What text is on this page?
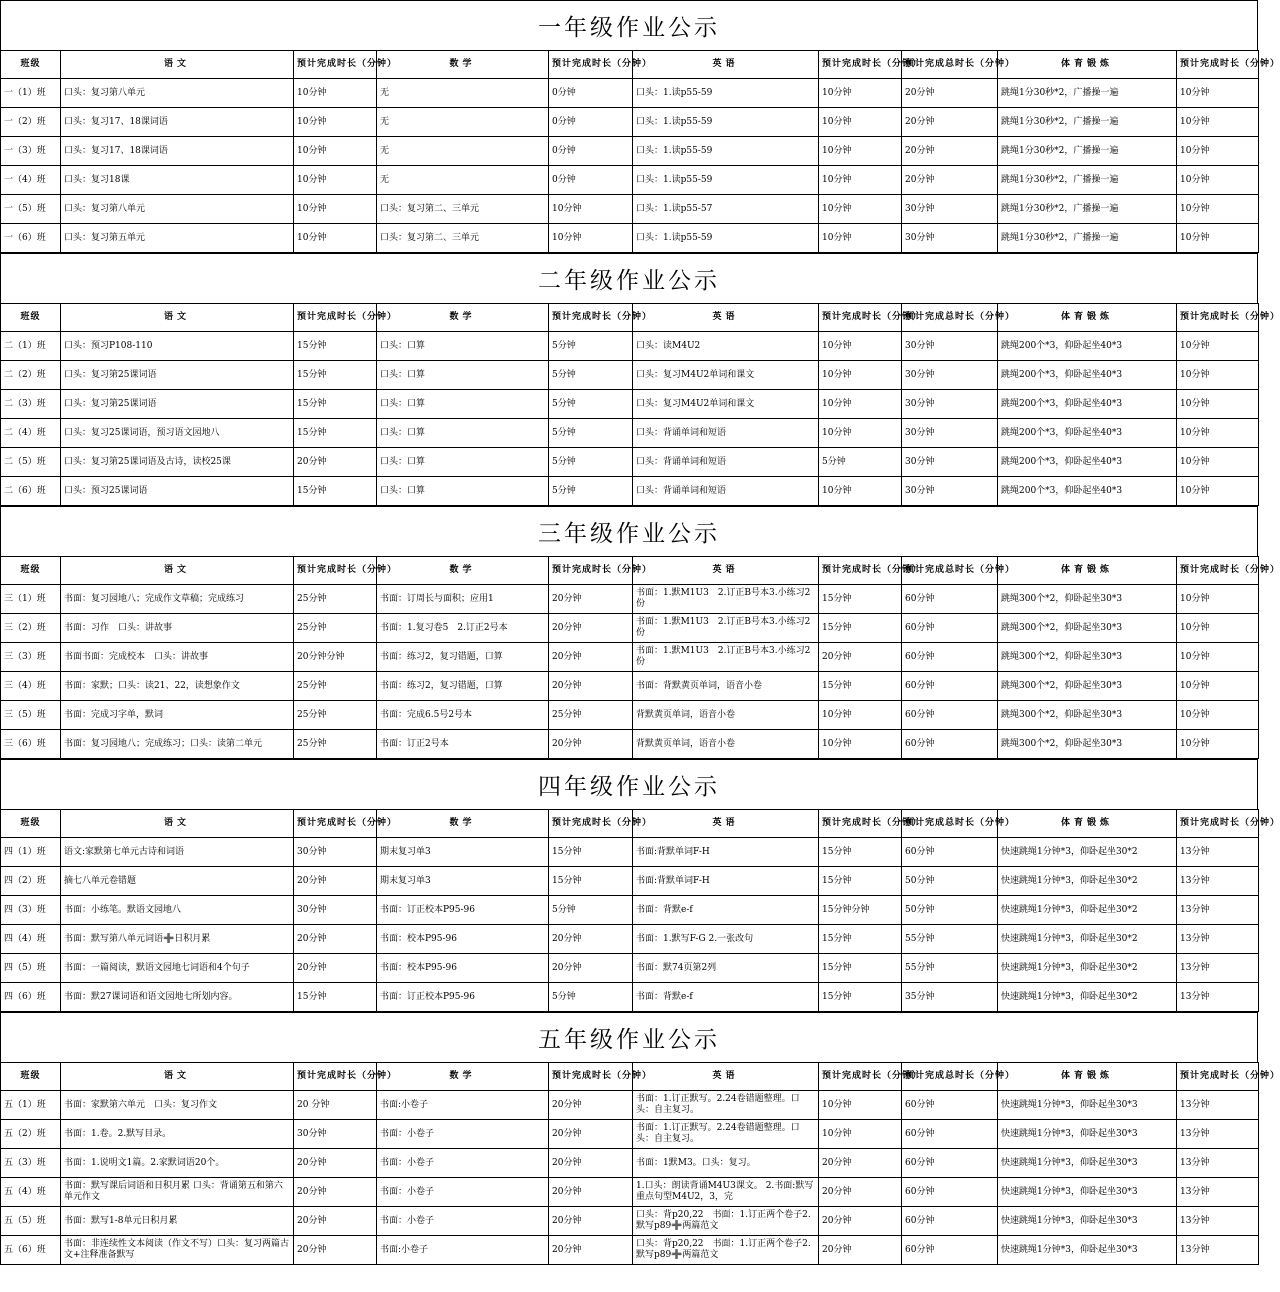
一年级作业公示
班级	语文	预计完成时长（分钟）	数学	预计完成时长（分钟）	英语	预计完成时长（分钟）	预计完成总时长（分钟）	体育锻炼	预计完成时长（分钟）
一（1）班	口头：复习第八单元	10分钟	无	0分钟	口头：1.读p55-59	10分钟	20分钟	跳绳1分30秒*2，广播操一遍	10分钟
一（2）班	口头：复习17、18课词语	10分钟	无	0分钟	口头：1.读p55-59	10分钟	20分钟	跳绳1分30秒*2，广播操一遍	10分钟
一（3）班	口头：复习17、18课词语	10分钟	无	0分钟	口头：1.读p55-59	10分钟	20分钟	跳绳1分30秒*2，广播操一遍	10分钟
一（4）班	口头：复习18课	10分钟	无	0分钟	口头：1.读p55-59	10分钟	20分钟	跳绳1分30秒*2，广播操一遍	10分钟
一（5）班	口头：复习第八单元	10分钟	口头：复习第二、三单元	10分钟	口头：1.读p55-57	10分钟	30分钟	跳绳1分30秒*2，广播操一遍	10分钟
一（6）班	口头：复习第五单元	10分钟	口头：复习第二、三单元	10分钟	口头：1.读p55-59	10分钟	30分钟	跳绳1分30秒*2，广播操一遍	10分钟
二年级作业公示
班级	语文	预计完成时长（分钟）	数学	预计完成时长（分钟）	英语	预计完成时长（分钟）	预计完成总时长（分钟）	体育锻炼	预计完成时长（分钟）
二（1）班	口头：预习P108-110	15分钟	口头：口算	5分钟	口头：读M4U2	10分钟	30分钟	跳绳200个*3，仰卧起坐40*3	10分钟
二（2）班	口头：复习第25课词语	15分钟	口头：口算	5分钟	口头：复习M4U2单词和课文	10分钟	30分钟	跳绳200个*3，仰卧起坐40*3	10分钟
二（3）班	口头：复习第25课词语	15分钟	口头：口算	5分钟	口头：复习M4U2单词和课文	10分钟	30分钟	跳绳200个*3，仰卧起坐40*3	10分钟
二（4）班	口头：复习25课词语，预习语文园地八	15分钟	口头：口算	5分钟	口头：背诵单词和短语	10分钟	30分钟	跳绳200个*3，仰卧起坐40*3	10分钟
二（5）班	口头：复习第25课词语及古诗，读校25课	20分钟	口头：口算	5分钟	口头：背诵单词和短语	5分钟	30分钟	跳绳200个*3，仰卧起坐40*3	10分钟
二（6）班	口头：预习25课词语	15分钟	口头：口算	5分钟	口头：背诵单词和短语	10分钟	30分钟	跳绳200个*3，仰卧起坐40*3	10分钟
三年级作业公示
班级	语文	预计完成时长（分钟）	数学	预计完成时长（分钟）	英语	预计完成时长（分钟）	预计完成总时长（分钟）	体育锻炼	预计完成时长（分钟）
三（1）班	书面：复习园地八；完成作文草稿；完成练习	25分钟	书面：订周长与面积；应用1	20分钟	书面：1.默M1U3　2.订正B号本3.小练习2份	15分钟	60分钟	跳绳300个*2，仰卧起坐30*3	10分钟
三（2）班	书面：习作　口头：讲故事	25分钟	书面：1.复习卷5　2.订正2号本	20分钟	书面：1.默M1U3　2.订正B号本3.小练习2份	15分钟	60分钟	跳绳300个*2，仰卧起坐30*3	10分钟
三（3）班	书面书面：完成校本　口头：讲故事	20分钟分钟	书面：练习2，复习错题，口算	20分钟	书面：1.默M1U3　2.订正B号本3.小练习2份	20分钟	60分钟	跳绳300个*2，仰卧起坐30*3	10分钟
三（4）班	书面：家默；口头：读21、22，读想象作文	25分钟	书面：练习2，复习错题，口算	20分钟	书面：背默黄页单词，语音小卷	15分钟	60分钟	跳绳300个*2，仰卧起坐30*3	10分钟
三（5）班	书面：完成习字单，默词	25分钟	书面：完成6.5号2号本	25分钟	背默黄页单词，语音小卷	10分钟	60分钟	跳绳300个*2，仰卧起坐30*3	10分钟
三（6）班	书面：复习园地八；完成练习；口头：读第二单元	25分钟	书面：订正2号本	20分钟	背默黄页单词，语音小卷	10分钟	60分钟	跳绳300个*2，仰卧起坐30*3	10分钟
四年级作业公示
班级	语文	预计完成时长（分钟）	数学	预计完成时长（分钟）	英语	预计完成时长（分钟）	预计完成总时长（分钟）	体育锻炼	预计完成时长（分钟）
四（1）班	语文:家默第七单元古诗和词语	30分钟	期末复习单3	15分钟	书面:背默单词F-H	15分钟	60分钟	快速跳绳1分钟*3，仰卧起坐30*2	13分钟
四（2）班	摘七八单元卷错题	20分钟	期末复习单3	15分钟	书面:背默单词F-H	15分钟	50分钟	快速跳绳1分钟*3，仰卧起坐30*2	13分钟
四（3）班	书面：小练笔。默语文园地八	30分钟	书面：订正校本P95-96	5分钟	书面：背默e-f	15分钟分钟	50分钟	快速跳绳1分钟*3，仰卧起坐30*2	13分钟
四（4）班	书面：默写第八单元词语➕日积月累	20分钟	书面：校本P95-96	20分钟	书面：1.默写F-G 2.一张改句	15分钟	55分钟	快速跳绳1分钟*3，仰卧起坐30*2	13分钟
四（5）班	书面：一篇阅读，默语文园地七词语和4个句子	20分钟	书面：校本P95-96	20分钟	书面：默74页第2列	15分钟	55分钟	快速跳绳1分钟*3，仰卧起坐30*2	13分钟
四（6）班	书面：默27课词语和语文园地七所划内容。	15分钟	书面：订正校本P95-96	5分钟	书面：背默e-f	15分钟	35分钟	快速跳绳1分钟*3，仰卧起坐30*2	13分钟
五年级作业公示
班级	语文	预计完成时长（分钟）	数学	预计完成时长（分钟）	英语	预计完成时长（分钟）	预计完成总时长（分钟）	体育锻炼	预计完成时长（分钟）
五（1）班	书面：家默第六单元　口头：复习作文	20 分钟	书面:小卷子	20分钟	书面：1.订正默写。2.24卷错题整理。口头：自主复习。	10分钟	60分钟	快速跳绳1分钟*3，仰卧起坐30*3	13分钟
五（2）班	书面：1.卷。2.默写目录。	30分钟	书面：小卷子	20分钟	书面：1.订正默写。2.24卷错题整理。口头：自主复习。	10分钟	60分钟	快速跳绳1分钟*3，仰卧起坐30*3	13分钟
五（3）班	书面：1.说明文1篇。2.家默词语20个。	20分钟	书面：小卷子	20分钟	书面：1默M3。口头：复习。	20分钟	60分钟	快速跳绳1分钟*3，仰卧起坐30*3	13分钟
五（4）班	书面：默写课后词语和日积月累 口头：背诵第五和第六单元作文	20分钟	书面：小卷子	20分钟	1.口头：朗读背诵M4U3课文。 2.书面:默写重点句型M4U2，3，完	20分钟	60分钟	快速跳绳1分钟*3，仰卧起坐30*3	13分钟
五（5）班	书面：默写1-8单元日积月累	20分钟	书面：小卷子	20分钟	口头：背p20,22　书面：1.订正两个卷子2.默写p89➕两篇范文	20分钟	60分钟	快速跳绳1分钟*3，仰卧起坐30*3	13分钟
五（6）班	书面：非连续性文本阅读（作文不写）口头：复习两篇古文+注释准备默写	20分钟	书面:小卷子	20分钟	口头：背p20,22　书面：1.订正两个卷子2.默写p89➕两篇范文	20分钟	60分钟	快速跳绳1分钟*3，仰卧起坐30*3	13分钟
